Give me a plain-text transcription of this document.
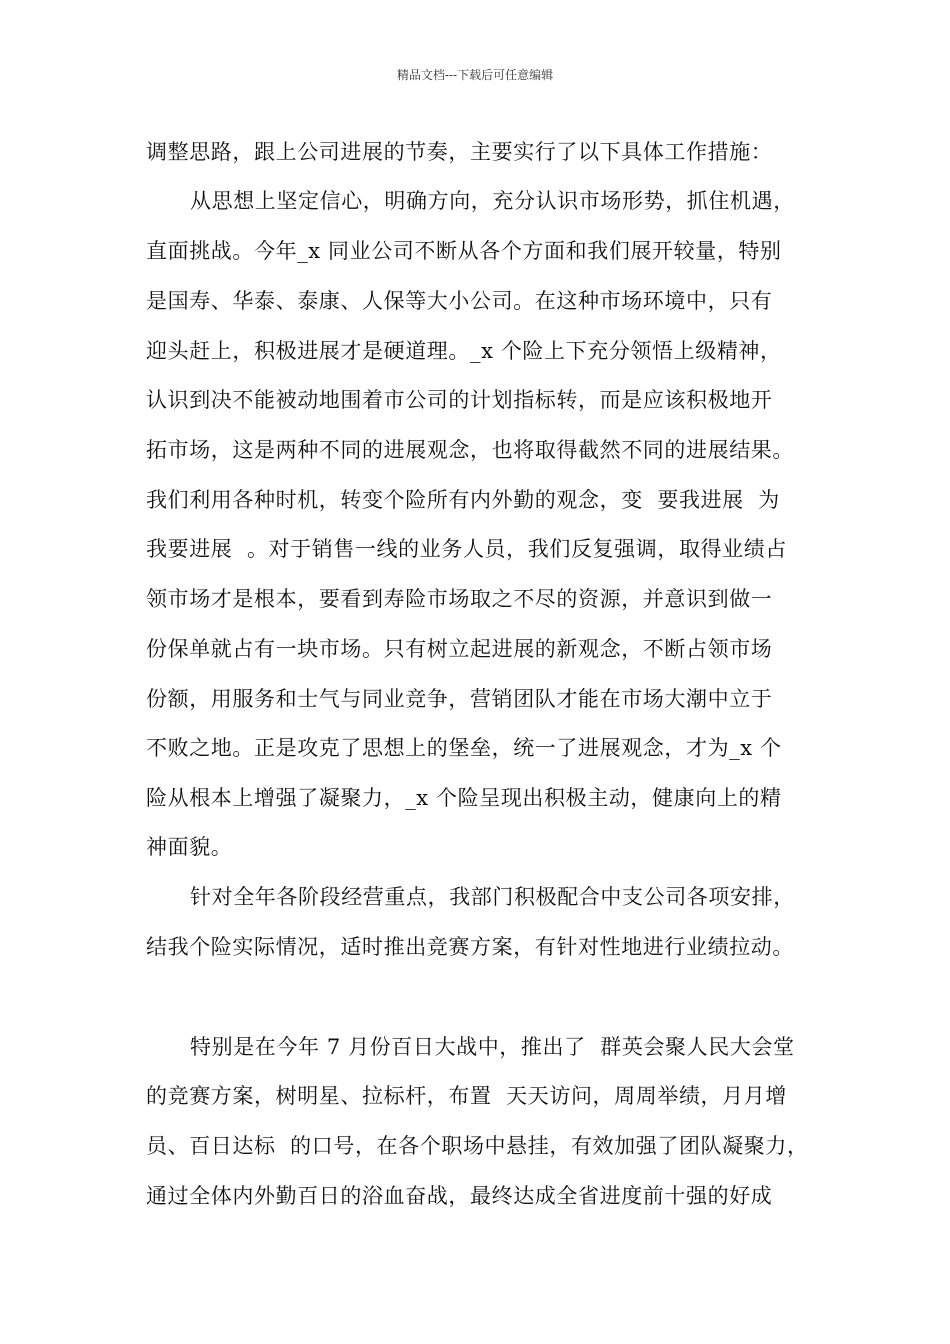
精品文档---下载后可任意编辑
调整思路，跟上公司进展的节奏，主要实行了以下具体工作措施：
从思想上坚定信心，明确方向，充分认识市场形势，抓住机遇，
直面挑战。今年_x 同业公司不断从各个方面和我们展开较量，特别
是国寿、华泰、泰康、人保等大小公司。在这种市场环境中，只有
迎头赶上，积极进展才是硬道理。_x 个险上下充分领悟上级精神，
认识到决不能被动地围着市公司的计划指标转，而是应该积极地开
拓市场，这是两种不同的进展观念，也将取得截然不同的进展结果。
我们利用各种时机，转变个险所有内外勤的观念，变  要我进展  为
我要进展  。对于销售一线的业务人员，我们反复强调，取得业绩占
领市场才是根本，要看到寿险市场取之不尽的资源，并意识到做一
份保单就占有一块市场。只有树立起进展的新观念，不断占领市场
份额，用服务和士气与同业竞争，营销团队才能在市场大潮中立于
不败之地。正是攻克了思想上的堡垒，统一了进展观念，才为_x 个
险从根本上增强了凝聚力，_x 个险呈现出积极主动，健康向上的精
神面貌。
针对全年各阶段经营重点，我部门积极配合中支公司各项安排，
结我个险实际情况，适时推出竞赛方案，有针对性地进行业绩拉动。
特别是在今年 7 月份百日大战中，推出了  群英会聚人民大会堂
的竞赛方案，树明星、拉标杆，布置  天天访问，周周举绩，月月增
员、百日达标  的口号，在各个职场中悬挂，有效加强了团队凝聚力，
通过全体内外勤百日的浴血奋战，最终达成全省进度前十强的好成
